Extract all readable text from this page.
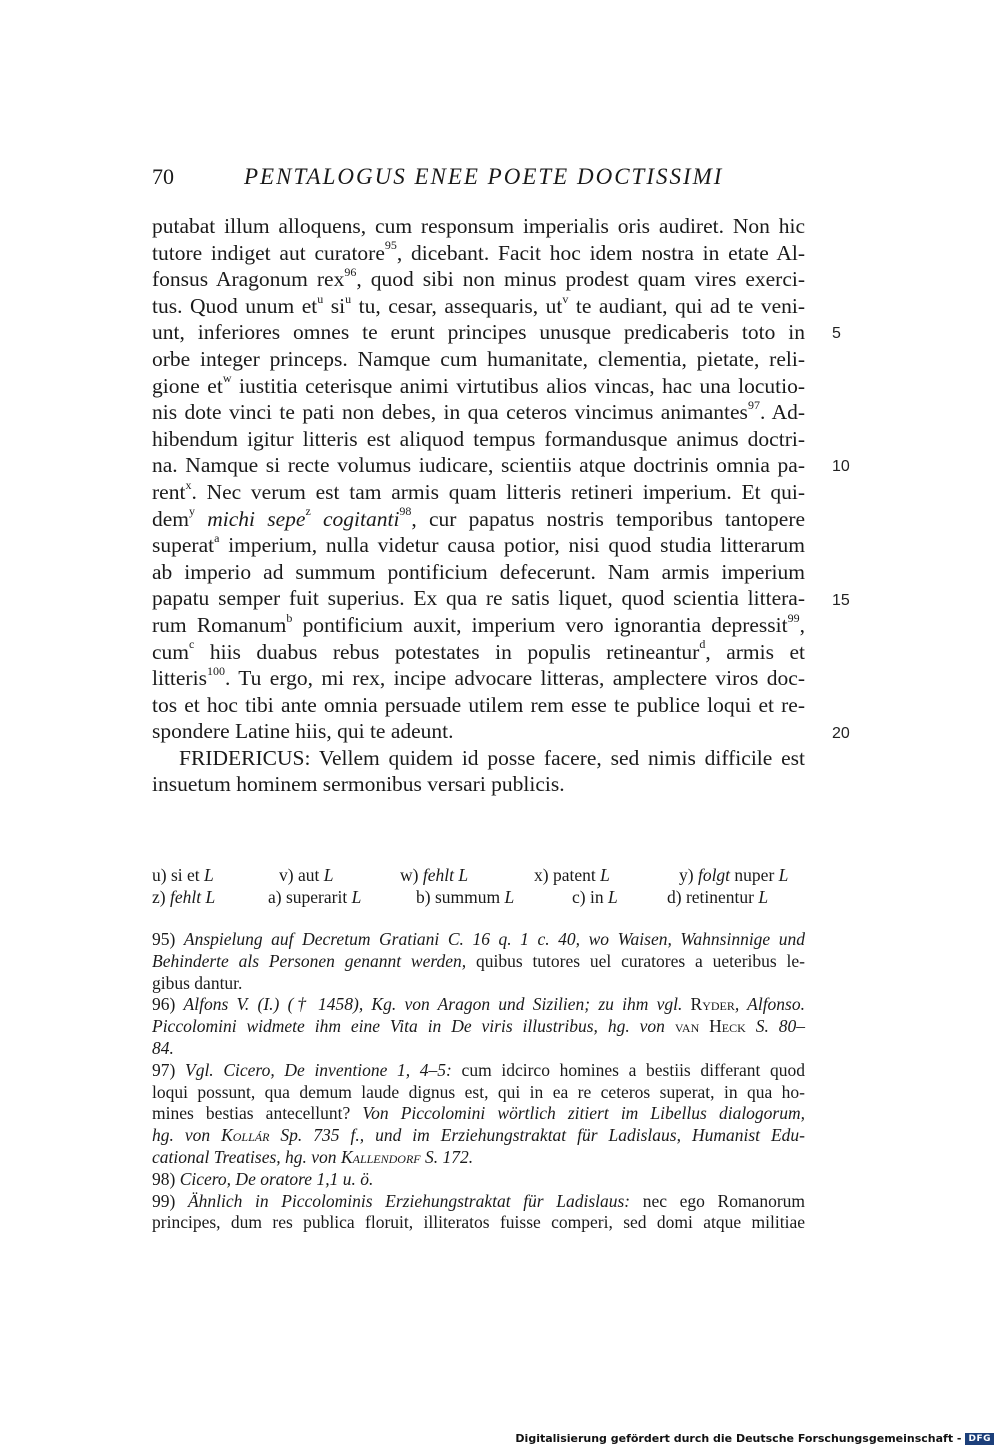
70	PENTALOGUS ENEE POETE DOCTISSIMI
putabat illum alloquens, cum responsum imperialis oris audiret. Non hic
tutore indiget aut curatore$^{95}$, dicebant. Facit hoc idem nostra in etate Al-
fonsus Aragonum rex$^{96}$, quod sibi non minus prodest quam vires exerci-
tus. Quod unum $et^u$ $si^u$ tu, cesar, assequaris, $ut^v$ te audiant, qui ad te veni-
unt, inferiores omnes te erunt principes unusque predicaberis toto in
orbe integer princeps. Namque cum humanitate, clementia, pietate, reli-
gione $et^w$ iustitia ceterisque animi virtutibus alios vincas, hac una locutio-
nis dote vinci te pati non debes, in qua ceteros vincimus animantes$^{97}$. Ad-
hibendum igitur litteris est aliquod tempus formandusque animus doctri-
na. Namque si recte volumus iudicare, scientiis atque doctrinis omnia pa-
rent$^x$. Nec verum est tam armis quam litteris retineri imperium. Et qui-
dem$^y$ michi sepe$^z$ cogitanti$^{98}$, cur papatus nostris temporibus tantopere
superat$^a$ imperium, nulla videtur causa potior, nisi quod studia litterarum
ab imperio ad summum pontificium defecerunt. Nam armis imperium
papatu semper fuit superius. Ex qua re satis liquet, quod scientia littera-
rum Romanum$^b$ pontificium auxit, imperium vero ignorantia depressit$^{99}$,
cum$^c$ hiis duabus rebus potestates in populis retineantur$^d$, armis et
litteris$^{100}$. Tu ergo, mi rex, incipe advocare litteras, amplectere viros doc-
tos et hoc tibi ante omnia persuade utilem rem esse te publice loqui et re-
spondere Latine hiis, qui te adeunt.
FRIDERICUS: Vellem quidem id posse facere, sed nimis difficile est
insuetum hominem sermonibus versari publicis.
5
10
15
20
u) si et L	v) aut L	w) fehlt L	x) patent L	y) folgt nuper L
z) fehlt L	a) superarit L	b) summum L	c) in L	d) retinentur L
95) Anspielung auf Decretum Gratiani C. 16 q. 1 c. 40, wo Waisen, Wahnsinnige und
Behinderte als Personen genannt werden, quibus tutores uel curatores a ueteribus le-
gibus dantur.
96) Alfons V. (I.) († 1458), Kg. von Aragon und Sizilien; zu ihm vgl. Ryder, Alfonso.
Piccolomini widmete ihm eine Vita in De viris illustribus, hg. von van Heck S. 80–
84.
97) Vgl. Cicero, De inventione 1, 4–5: cum idcirco homines a bestiis differant quod
loqui possunt, qua demum laude dignus est, qui in ea re ceteros superat, in qua ho-
mines bestias antecellunt? Von Piccolomini wörtlich zitiert im Libellus dialogorum,
hg. von Kollár Sp. 735 f., und im Erziehungstraktat für Ladislaus, Humanist Edu-
cational Treatises, hg. von Kallendorf S. 172.
98) Cicero, De oratore 1,1 u. ö.
99) Ähnlich in Piccolominis Erziehungstraktat für Ladislaus: nec ego Romanorum
principes, dum res publica floruit, illiteratos fuisse comperi, sed domi atque militiae
Digitalisierung gefördert durch die Deutsche Forschungsgemeinschaft - DFG
